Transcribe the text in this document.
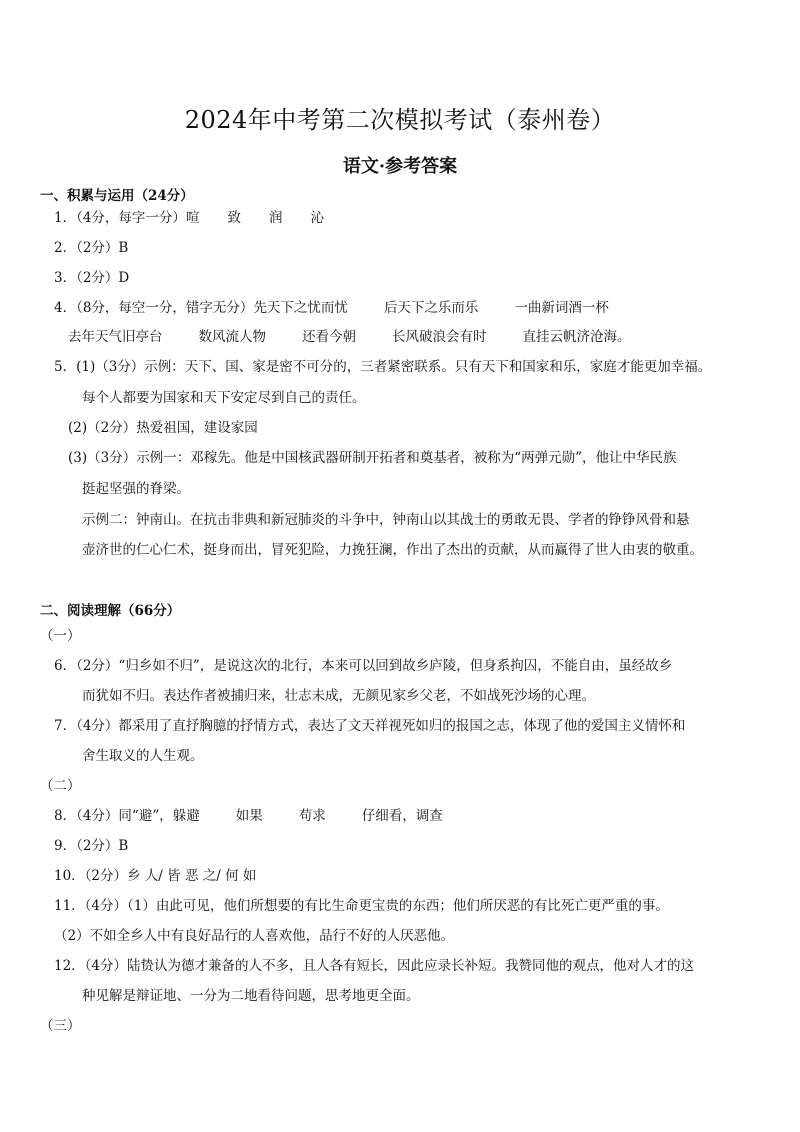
2024年中考第二次模拟考试（泰州卷）
语文·参考答案
一、积累与运用（24分）
1．（4分，每字一分）喧 致 润 沁
2．（2分）B
3．（2分）D
4．（8分，每空一分，错字无分）先天下之忧而忧	后天下之乐而乐	一曲新词酒一杯
去年天气旧亭台	数风流人物	还看今朝	长风破浪会有时	直挂云帆济沧海。
5．(1)（3分）示例：天下、国、家是密不可分的，三者紧密联系。只有天下和国家和乐，家庭才能更加幸福。
每个人都要为国家和天下安定尽到自己的责任。
(2)（2分）热爱祖国，建设家园
(3)（3分）示例一：邓稼先。他是中国核武器研制开拓者和奠基者，被称为“两弹元勋”，他让中华民族
挺起坚强的脊梁。
示例二：钟南山。在抗击非典和新冠肺炎的斗争中，钟南山以其战士的勇敢无畏、学者的铮铮风骨和悬
壶济世的仁心仁术，挺身而出，冒死犯险，力挽狂澜，作出了杰出的贡献，从而赢得了世人由衷的敬重。
二、阅读理解（66分）
（一）
6．（2分）“归乡如不归”，是说这次的北行，本来可以回到故乡庐陵，但身系拘囚，不能自由，虽经故乡
而犹如不归。表达作者被捕归来，壮志未成，无颜见家乡父老，不如战死沙场的心理。
7．（4分）都采用了直抒胸臆的抒情方式，表达了文天祥视死如归的报国之志，体现了他的爱国主义情怀和
舍生取义的人生观。
（二）
8．（4分）同“避”，躲避	如果	苟求	仔细看，调查
9．（2分）B
10．（2分）乡 人/ 皆 恶 之/ 何 如
11．（4分）（1）由此可见，他们所想要的有比生命更宝贵的东西；他们所厌恶的有比死亡更严重的事。
（2）不如全乡人中有良好品行的人喜欢他，品行不好的人厌恶他。
12．（4分）陆贽认为德才兼备的人不多，且人各有短长，因此应录长补短。我赞同他的观点，他对人才的这
种见解是辩证地、一分为二地看待问题，思考地更全面。
（三）
